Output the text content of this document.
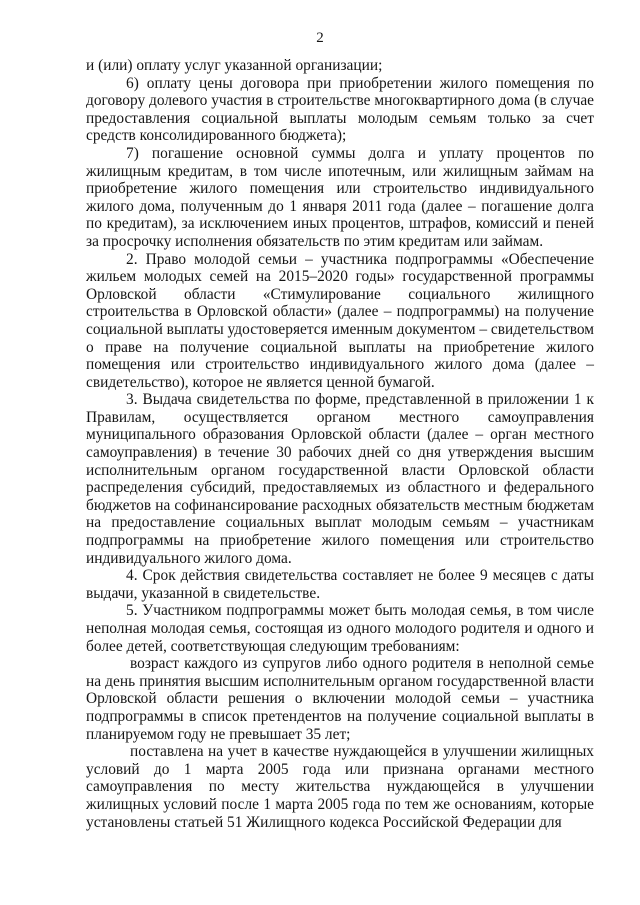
2

и (или) оплату услуг указанной организации;

6) оплату цены договора при приобретении жилого помещения по договору долевого участия в строительстве многоквартирного дома (в случае предоставления социальной выплаты молодым семьям только за счет средств консолидированного бюджета);

7) погашение основной суммы долга и уплату процентов по жилищным кредитам, в том числе ипотечным, или жилищным займам на приобретение жилого помещения или строительство индивидуального жилого дома, полученным до 1 января 2011 года (далее – погашение долга по кредитам), за исключением иных процентов, штрафов, комиссий и пеней за просрочку исполнения обязательств по этим кредитам или займам.

2. Право молодой семьи – участника подпрограммы «Обеспечение жильем молодых семей на 2015–2020 годы» государственной программы Орловской области «Стимулирование социального жилищного строительства в Орловской области» (далее – подпрограммы) на получение социальной выплаты удостоверяется именным документом – свидетельством о праве на получение социальной выплаты на приобретение жилого помещения или строительство индивидуального жилого дома (далее – свидетельство), которое не является ценной бумагой.

3. Выдача свидетельства по форме, представленной в приложении 1 к Правилам, осуществляется органом местного самоуправления муниципального образования Орловской области (далее – орган местного самоуправления) в течение 30 рабочих дней со дня утверждения высшим исполнительным органом государственной власти Орловской области распределения субсидий, предоставляемых из областного и федерального бюджетов на софинансирование расходных обязательств местным бюджетам на предоставление социальных выплат молодым семьям – участникам подпрограммы на приобретение жилого помещения или строительство индивидуального жилого дома.

4. Срок действия свидетельства составляет не более 9 месяцев с даты выдачи, указанной в свидетельстве.

5. Участником подпрограммы может быть молодая семья, в том числе неполная молодая семья, состоящая из одного молодого родителя и одного и более детей, соответствующая следующим требованиям:

возраст каждого из супругов либо одного родителя в неполной семье на день принятия высшим исполнительным органом государственной власти Орловской области решения о включении молодой семьи – участника подпрограммы в список претендентов на получение социальной выплаты в планируемом году не превышает 35 лет;

поставлена на учет в качестве нуждающейся в улучшении жилищных условий до 1 марта 2005 года или признана органами местного самоуправления по месту жительства нуждающейся в улучшении жилищных условий после 1 марта 2005 года по тем же основаниям, которые установлены статьей 51 Жилищного кодекса Российской Федерации для
